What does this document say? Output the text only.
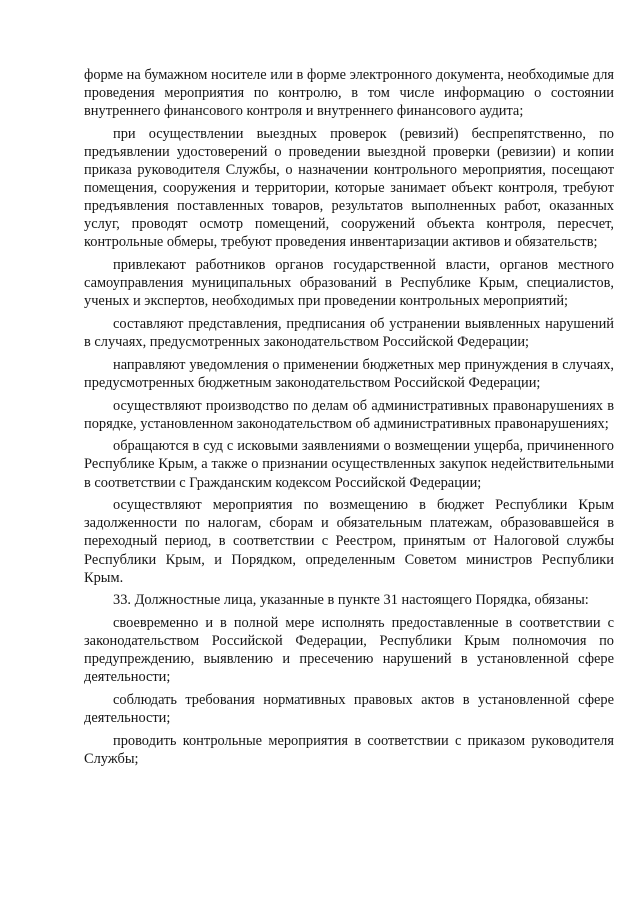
форме на бумажном носителе или в форме электронного документа, необходимые для проведения мероприятия по контролю, в том числе информацию о состоянии внутреннего финансового контроля и внутреннего финансового аудита;

при осуществлении выездных проверок (ревизий) беспрепятственно, по предъявлении удостоверений о проведении выездной проверки (ревизии) и копии приказа руководителя Службы, о назначении контрольного мероприятия, посещают помещения, сооружения и территории, которые занимает объект контроля, требуют предъявления поставленных товаров, результатов выполненных работ, оказанных услуг, проводят осмотр помещений, сооружений объекта контроля, пересчет, контрольные обмеры, требуют проведения инвентаризации активов и обязательств;

привлекают работников органов государственной власти, органов местного самоуправления муниципальных образований в Республике Крым, специалистов, ученых и экспертов, необходимых при проведении контрольных мероприятий;

составляют представления, предписания об устранении выявленных нарушений в случаях, предусмотренных законодательством Российской Федерации;

направляют уведомления о применении бюджетных мер принуждения в случаях, предусмотренных бюджетным законодательством Российской Федерации;

осуществляют производство по делам об административных правонарушениях в порядке, установленном законодательством об административных правонарушениях;

обращаются в суд с исковыми заявлениями о возмещении ущерба, причиненного Республике Крым, а также о признании осуществленных закупок недействительными в соответствии с Гражданским кодексом Российской Федерации;

осуществляют мероприятия по возмещению в бюджет Республики Крым задолженности по налогам, сборам и обязательным платежам, образовавшейся в переходный период, в соответствии с Реестром, принятым от Налоговой службы Республики Крым, и Порядком, определенным Советом министров Республики Крым.

33. Должностные лица, указанные в пункте 31 настоящего Порядка, обязаны:

своевременно и в полной мере исполнять предоставленные в соответствии с законодательством Российской Федерации, Республики Крым полномочия по предупреждению, выявлению и пресечению нарушений в установленной сфере деятельности;

соблюдать требования нормативных правовых актов в установленной сфере деятельности;

проводить контрольные мероприятия в соответствии с приказом руководителя Службы;
